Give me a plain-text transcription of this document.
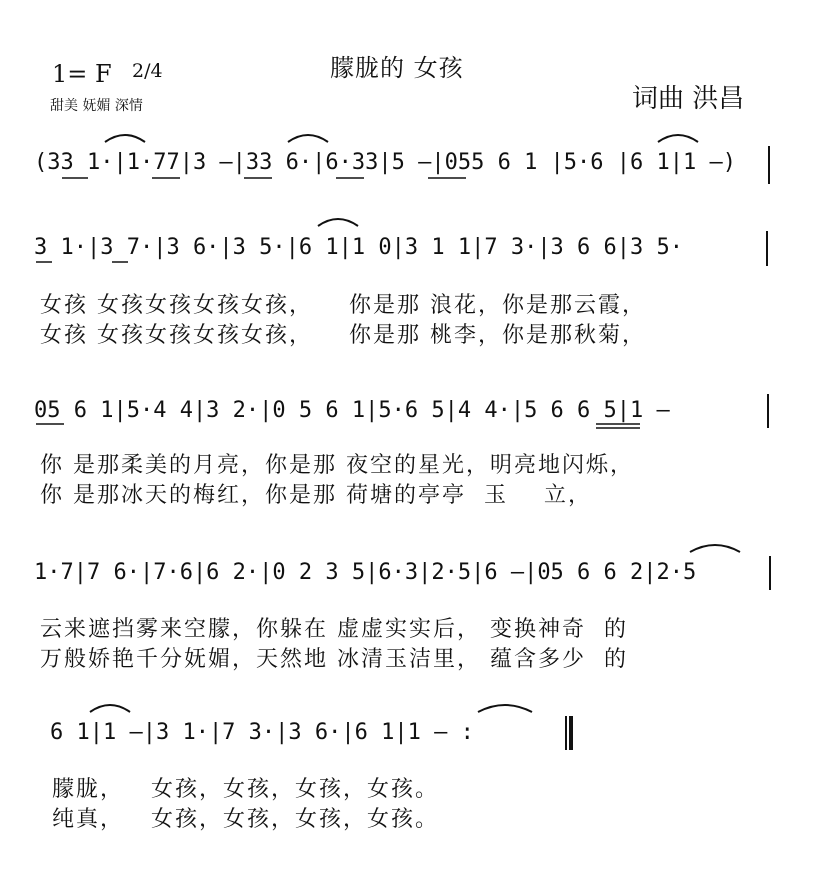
朦胧的 女孩
1= F 2/4
甜美 妩媚 深情	词曲 洪昌
(33 1·|1·77|3 —|33 6·|6·33|5 —|055 6 1 |5·6 |6 1|1 —)
3 1·|3 7·|3 6·|3 5·|6 1|1 0|3 1 1|7 3·|3 6 6|3 5·
女孩 女孩女孩女孩女孩，    你是那 浪花，你是那云霞，
女孩 女孩女孩女孩女孩，    你是那 桃李，你是那秋菊，
05 6 1|5·4 4|3 2·|0 5 6 1|5·6 5|4 4·|5 6 6 5|1 —
你 是那柔美的月亮，你是那 夜空的星光，明亮地闪烁，
你 是那冰天的梅红，你是那 荷塘的亭亭  玉    立，
1·7|7 6·|7·6|6 2·|0 2 3 5|6·3|2·5|6 —|05 6 6 2|2·5
云来遮挡雾来空朦，你躲在 虚虚实实后， 变换神奇  的
万般娇艳千分妩媚，天然地 冰清玉洁里， 蕴含多少  的
6 1|1 —|3 1·|7 3·|3 6·|6 1|1 — :
朦胧，   女孩，女孩，女孩，女孩。
纯真，   女孩，女孩，女孩，女孩。
